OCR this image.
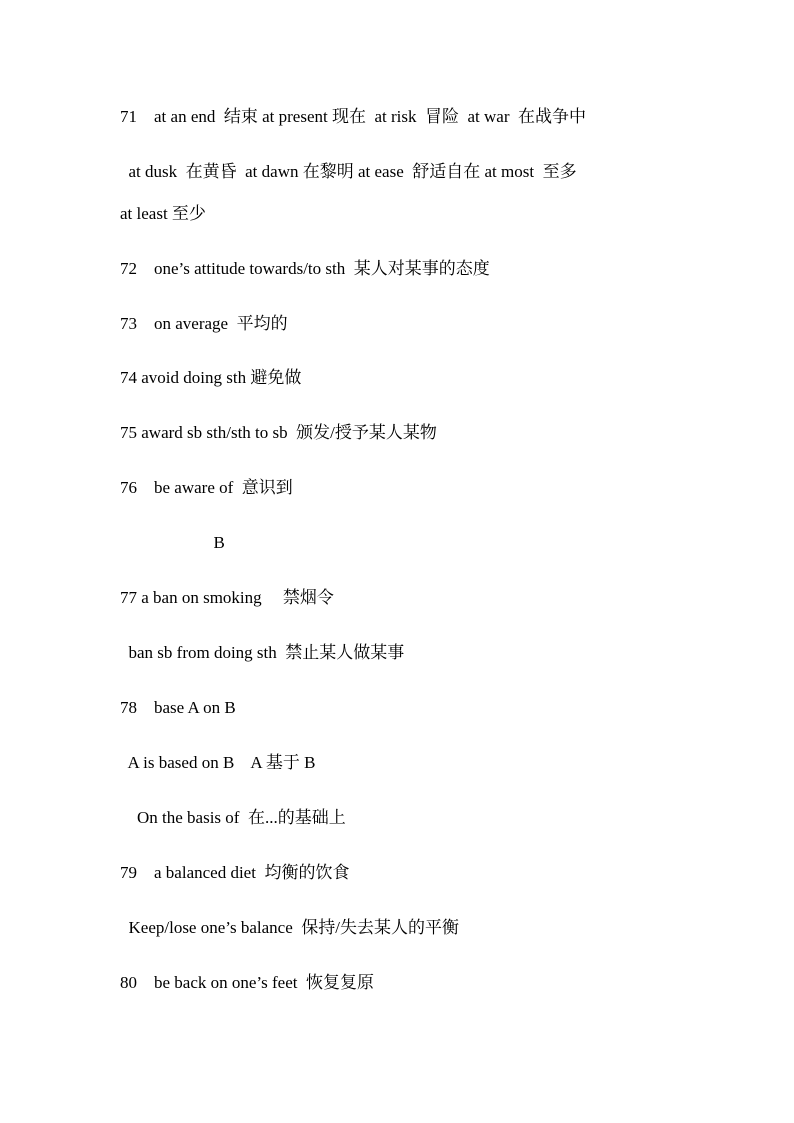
71    at an end  结束 at present 现在  at risk  冒险  at war  在战争中

at dusk  在黄昏  at dawn 在黎明 at ease  舒适自在 at most  至多

at least 至少

72    one’s attitude towards/to sth  某人对某事的态度

73    on average  平均的

74 avoid doing sth 避免做

75 award sb sth/sth to sb  颁发/授予某人某物

76    be aware of  意识到

B

77 a ban on smoking     禁烟令

ban sb from doing sth  禁止某人做某事

78    base A on B

A is based on B    A 基于 B

On the basis of  在...的基础上

79    a balanced diet  均衡的饮食

Keep/lose one’s balance  保持/失去某人的平衡

80    be back on one’s feet  恢复复原
